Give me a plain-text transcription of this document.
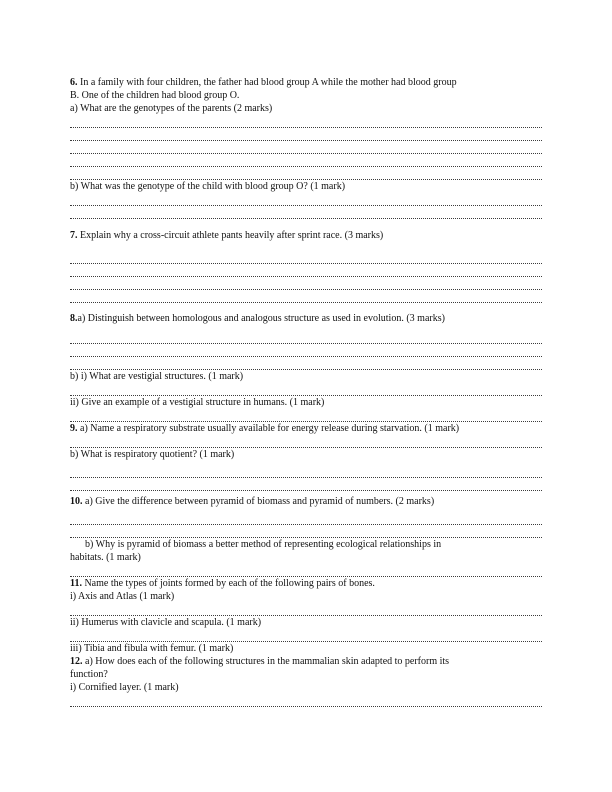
6. In a family with four children, the father had blood group A while the mother had blood group
B. One of the children had blood group O.
a) What are the genotypes of the parents (2 marks)
b) What was the genotype of the child with blood group O? (1 mark)
7. Explain why a cross-circuit athlete pants heavily after sprint race. (3 marks)
8.a) Distinguish between homologous and analogous structure as used in evolution. (3 marks)
b) i) What are vestigial structures. (1 mark)
ii) Give an example of a vestigial structure in humans. (1 mark)
9. a) Name a respiratory substrate usually available for energy release during starvation. (1 mark)
b) What is respiratory quotient? (1 mark)
10. a) Give the difference between pyramid of biomass and pyramid of numbers. (2 marks)
b) Why is pyramid of biomass a better method of representing ecological relationships in
habitats. (1 mark)
11. Name the types of joints formed by each of the following pairs of bones.
i) Axis and Atlas (1 mark)
ii) Humerus with clavicle and scapula. (1 mark)
iii) Tibia and fibula with femur. (1 mark)
12. a) How does each of the following structures in the mammalian skin adapted to perform its
function?
i) Cornified layer. (1 mark)
